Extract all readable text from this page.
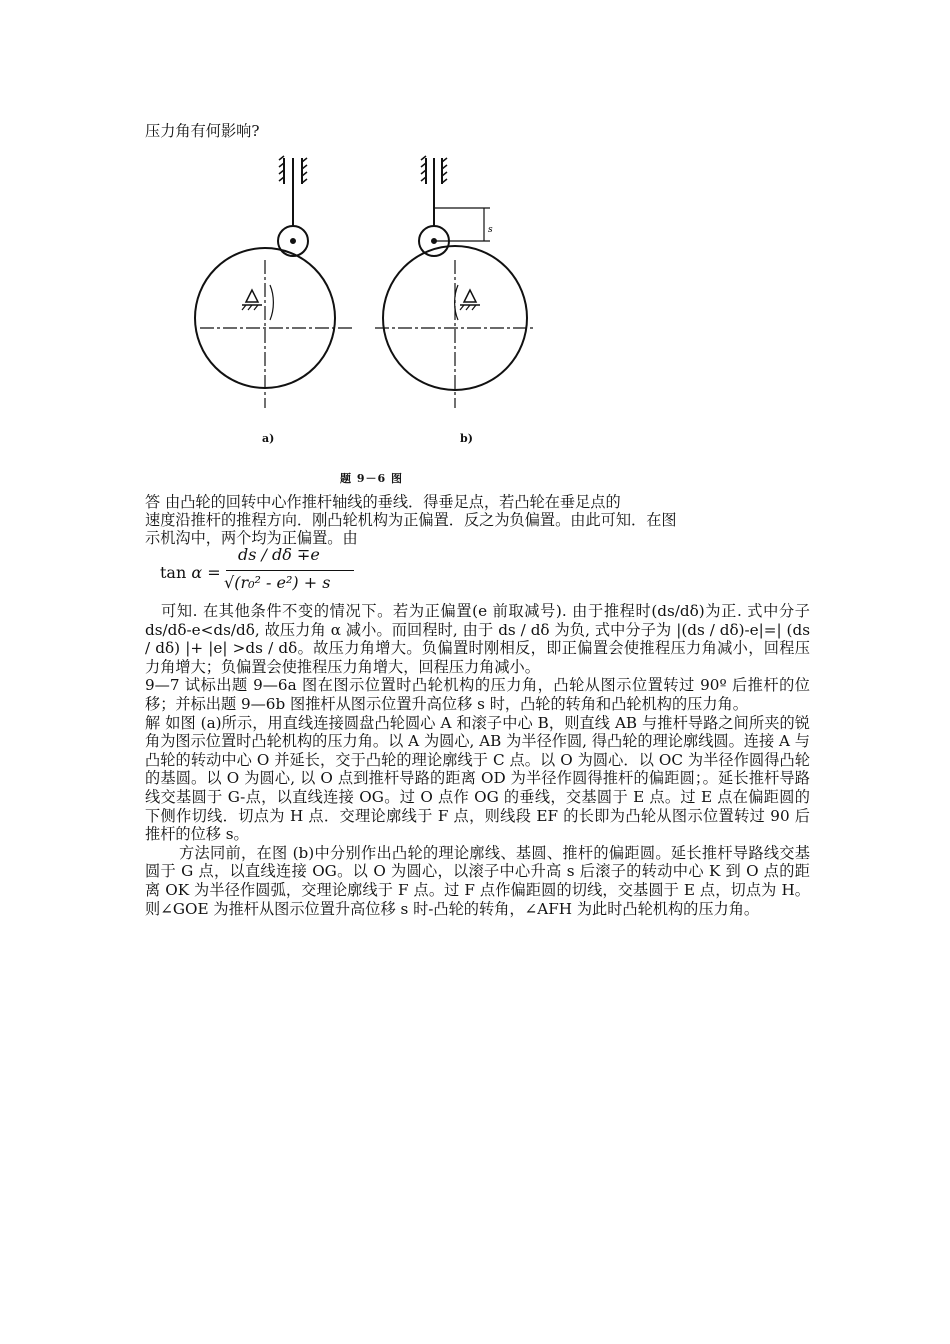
压力角有何影响?
s
a)	b)
题 9－6 图
答 由凸轮的回转中心作推杆轴线的垂线．得垂足点，若凸轮在垂足点的
速度沿推杆的推程方向．刚凸轮机构为正偏置．反之为负偏置。由此可知．在图
示机沟中，两个均为正偏置。由
tan α =
ds / dδ ∓e
√(r₀² - e²) + s

可知. 在其他条件不变的情况下。若为正偏置(e 前取减号). 由于推程时(ds/dδ)为正. 式中分子 ds/dδ-e<ds/dδ, 故压力角 α 减小。而回程时, 由于 ds / dδ 为负, 式中分子为 |(ds / dδ)-e|=| (ds / dδ) |+ |e| >ds / dδ。故压力角增大。负偏置时刚相反，即正偏置会使推程压力角减小，回程压力角增大；负偏置会使推程压力角增大，回程压力角减小。

9—7 试标出题 9—6a 图在图示位置时凸轮机构的压力角，凸轮从图示位置转过 90º 后推杆的位移；并标出题 9—6b 图推杆从图示位置升高位移 s 时，凸轮的转角和凸轮机构的压力角。

解 如图 (a)所示，用直线连接圆盘凸轮圆心 A 和滚子中心 B，则直线 AB 与推杆导路之间所夹的锐角为图示位置时凸轮机构的压力角。以 A 为圆心, AB 为半径作圆, 得凸轮的理论廓线圆。连接 A 与凸轮的转动中心 O 并延长，交于凸轮的理论廓线于 C 点。以 O 为圆心．以 OC 为半径作圆得凸轮的基圆。以 O 为圆心, 以 O 点到推杆导路的距离 OD 为半径作圆得推杆的偏距圆；。延长推杆导路线交基圆于 G-点，以直线连接 OG。过 O 点作 OG 的垂线，交基圆于 E 点。过 E 点在偏距圆的下侧作切线．切点为 H 点．交理论廓线于 F 点，则线段 EF 的长即为凸轮从图示位置转过 90 后推杆的位移 s。

方法同前，在图 (b)中分别作出凸轮的理论廓线、基圆、推杆的偏距圆。延长推杆导路线交基圆于 G 点，以直线连接 OG。以 O 为圆心，以滚子中心升高 s 后滚子的转动中心 K 到 O 点的距离 OK 为半径作圆弧，交理论廓线于 F 点。过 F 点作偏距圆的切线，交基圆于 E 点，切点为 H。则∠GOE 为推杆从图示位置升高位移 s 时-凸轮的转角，∠AFH 为此时凸轮机构的压力角。
